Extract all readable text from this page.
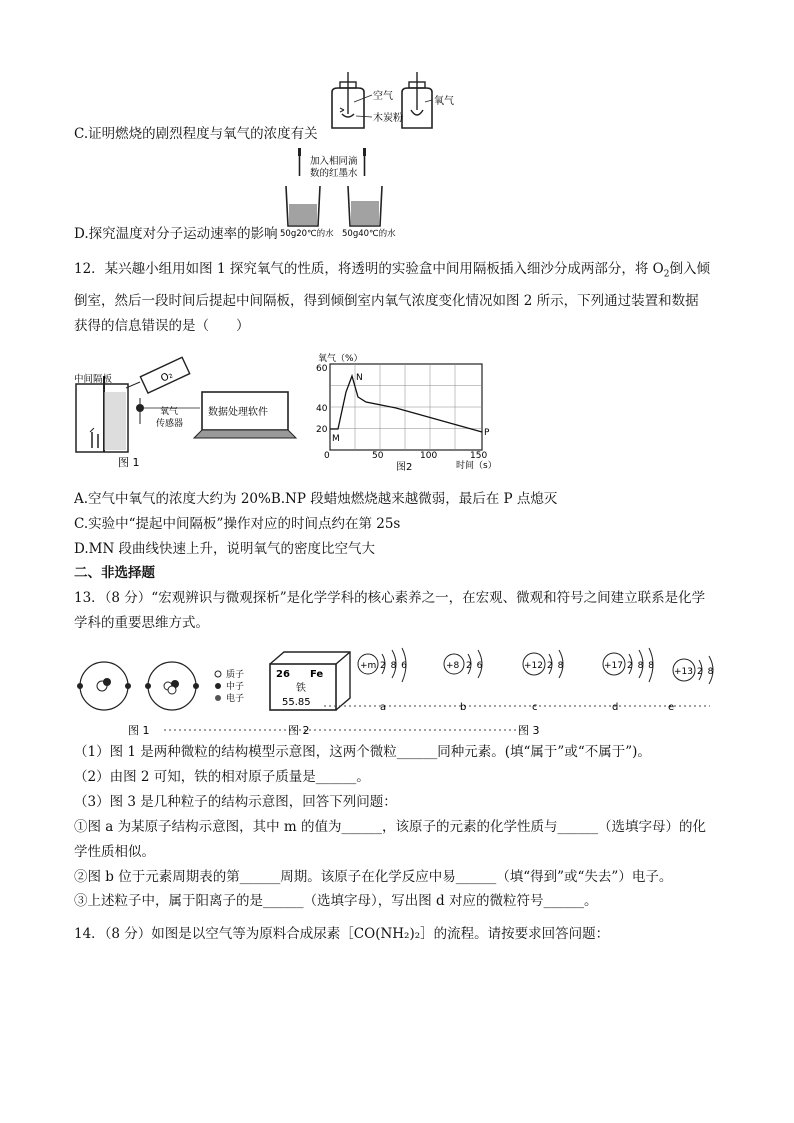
空气
木炭粉
氧气
C.证明燃烧的剧烈程度与氧气的浓度有关
加入相同滴
数的红墨水
50g20℃的水 50g40℃的水
D.探究温度对分子运动速率的影响
12．某兴趣小组用如图 1 探究氧气的性质，将透明的实验盒中间用隔板插入细沙分成两部分，将 $O_2$倒入倾
倒室，然后一段时间后提起中间隔板，得到倾倒室内氧气浓度变化情况如图 2 所示，下列通过装置和数据
获得的信息错误的是（　　）
中间隔板	O₂
氧气
传感器
数据处理软件
图 1
氧气（%）
60
40
20
0	50	100	150
时间（s）
图2
M
N
P
A.空气中氧气的浓度大约为 20%B.NP 段蜡烛燃烧越来越微弱，最后在 P 点熄灭
C.实验中“提起中间隔板”操作对应的时间点约在第 25s
D.MN 段曲线快速上升，说明氧气的密度比空气大
二、非选择题
13．（8 分）“宏观辨识与微观探析”是化学学科的核心素养之一，在宏观、微观和符号之间建立联系是化学
学科的重要思维方式。
质子
中子
电子
26 Fe
铁
55.85
+m 2 8 6	+8 2 6	+12 2 8	+17 2 8 8
+13 2 8
a	b	c	d	e
图 1	图 2	图 3
（1）图 1 是两种微粒的结构模型示意图，这两个微粒______同种元素。(填“属于”或“不属于”)。
（2）由图 2 可知，铁的相对原子质量是______。
（3）图 3 是几种粒子的结构示意图，回答下列问题：
①图 a 为某原子结构示意图，其中 m 的值为______，该原子的元素的化学性质与______（选填字母）的化
学性质相似。
②图 b 位于元素周期表的第______周期。该原子在化学反应中易______（填“得到”或“失去”）电子。
③上述粒子中，属于阳离子的是______（选填字母），写出图 d 对应的微粒符号______。
14．（8 分）如图是以空气等为原料合成尿素［CO(NH₂)₂］的流程。请按要求回答问题：
